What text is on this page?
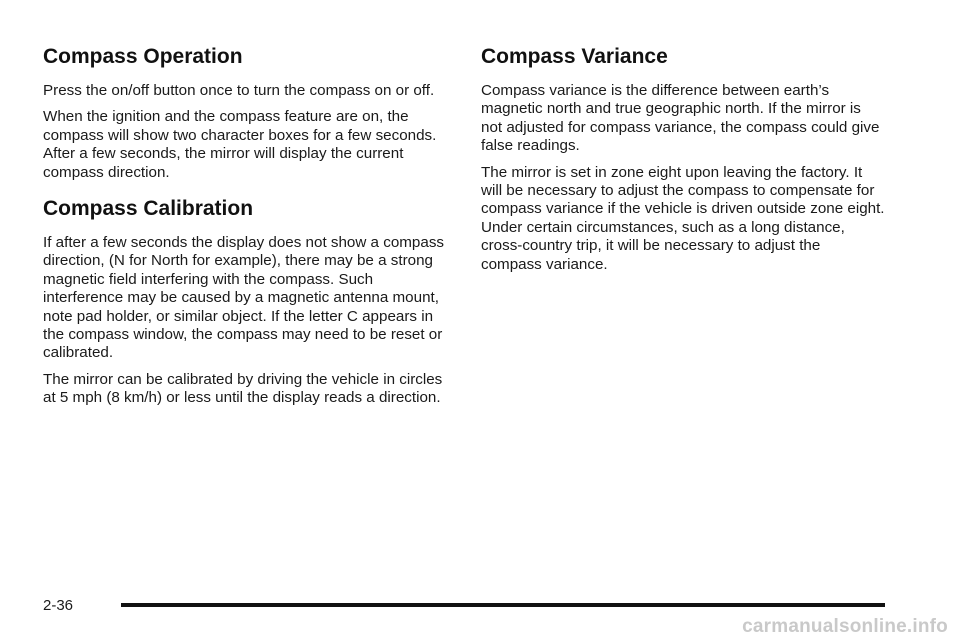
Compass Operation

Press the on/off button once to turn the compass on or off.

When the ignition and the compass feature are on, the compass will show two character boxes for a few seconds. After a few seconds, the mirror will display the current compass direction.

Compass Calibration

If after a few seconds the display does not show a compass direction, (N for North for example), there may be a strong magnetic field interfering with the compass. Such interference may be caused by a magnetic antenna mount, note pad holder, or similar object. If the letter C appears in the compass window, the compass may need to be reset or calibrated.

The mirror can be calibrated by driving the vehicle in circles at 5 mph (8 km/h) or less until the display reads a direction.

Compass Variance

Compass variance is the difference between earth’s magnetic north and true geographic north. If the mirror is not adjusted for compass variance, the compass could give false readings.

The mirror is set in zone eight upon leaving the factory. It will be necessary to adjust the compass to compensate for compass variance if the vehicle is driven outside zone eight. Under certain circumstances, such as a long distance, cross-country trip, it will be necessary to adjust the compass variance.

2-36
carmanualsonline.info
